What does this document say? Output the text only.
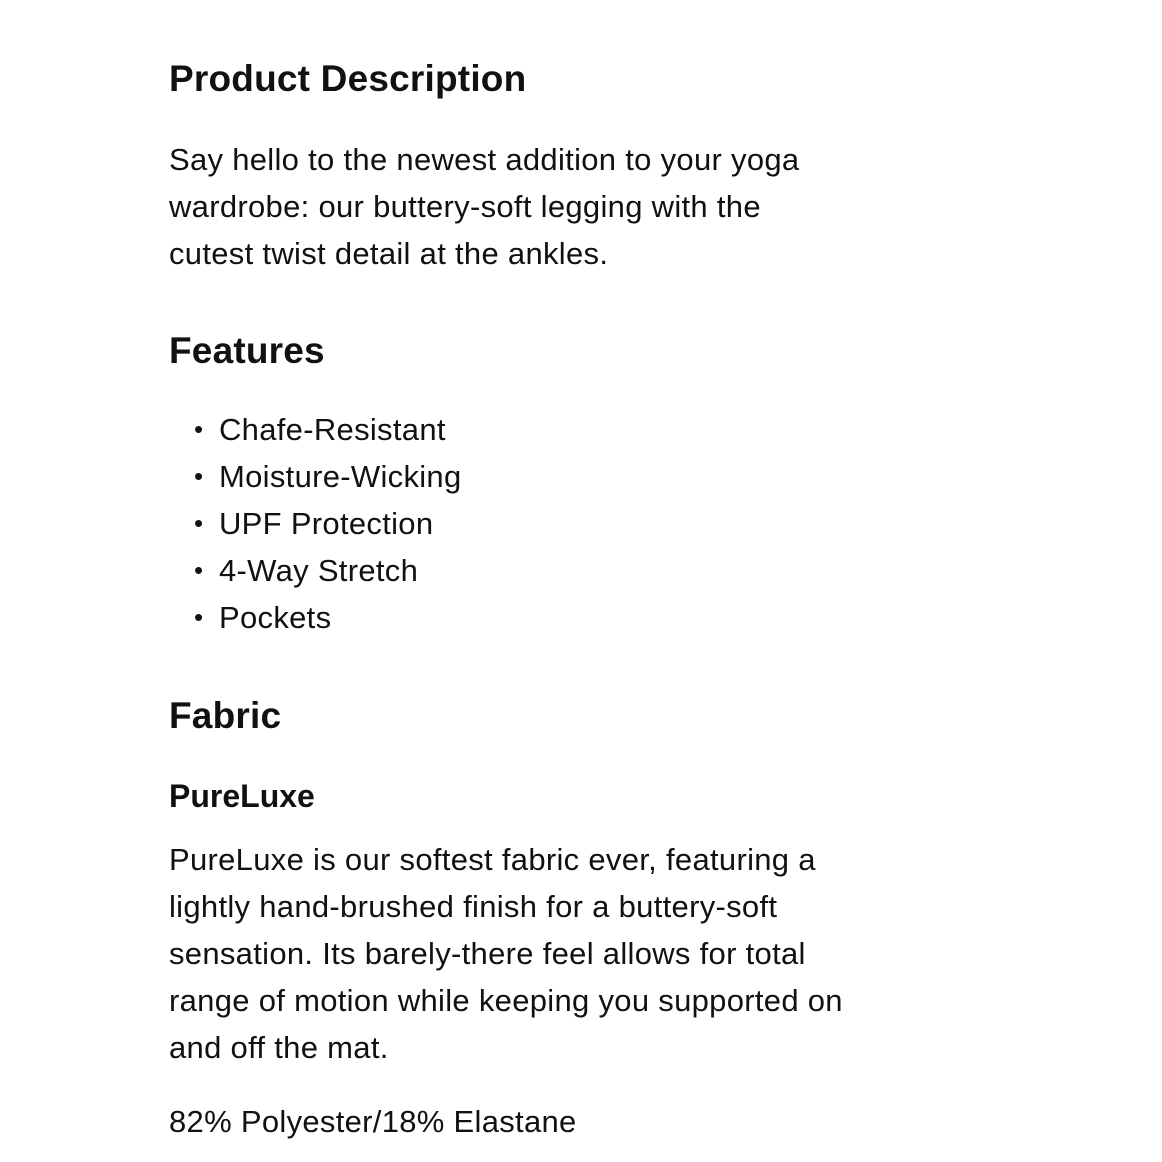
Product Description

Say hello to the newest addition to your yoga
wardrobe: our buttery-soft legging with the
cutest twist detail at the ankles.

Features
• Chafe-Resistant
• Moisture-Wicking
• UPF Protection
• 4-Way Stretch
• Pockets
Fabric
PureLuxe

PureLuxe is our softest fabric ever, featuring a
lightly hand-brushed finish for a buttery-soft
sensation. Its barely-there feel allows for total
range of motion while keeping you supported on
and off the mat.

82% Polyester/18% Elastane
